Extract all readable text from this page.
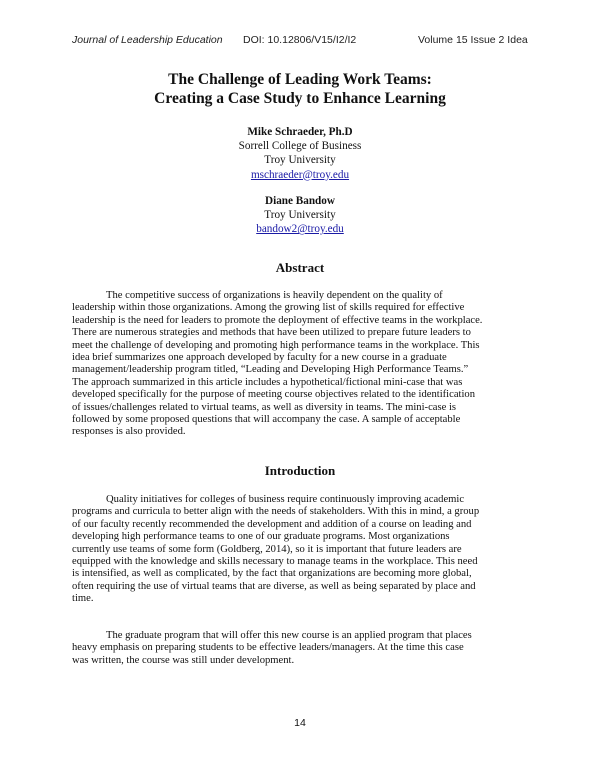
Journal of Leadership Education DOI: 10.12806/V15/I2/I2	Volume 15 Issue 2 Idea
The Challenge of Leading Work Teams:
Creating a Case Study to Enhance Learning
Mike Schraeder, Ph.D
Sorrell College of Business
Troy University
mschraeder@troy.edu
Diane Bandow
Troy University
bandow2@troy.edu
Abstract
The competitive success of organizations is heavily dependent on the quality of
leadership within those organizations. Among the growing list of skills required for effective
leadership is the need for leaders to promote the deployment of effective teams in the workplace.
There are numerous strategies and methods that have been utilized to prepare future leaders to
meet the challenge of developing and promoting high performance teams in the workplace. This
idea brief summarizes one approach developed by faculty for a new course in a graduate
management/leadership program titled, “Leading and Developing High Performance Teams.”
The approach summarized in this article includes a hypothetical/fictional mini-case that was
developed specifically for the purpose of meeting course objectives related to the identification
of issues/challenges related to virtual teams, as well as diversity in teams. The mini-case is
followed by some proposed questions that will accompany the case. A sample of acceptable
responses is also provided.
Introduction
Quality initiatives for colleges of business require continuously improving academic
programs and curricula to better align with the needs of stakeholders. With this in mind, a group
of our faculty recently recommended the development and addition of a course on leading and
developing high performance teams to one of our graduate programs. Most organizations
currently use teams of some form (Goldberg, 2014), so it is important that future leaders are
equipped with the knowledge and skills necessary to manage teams in the workplace. This need
is intensified, as well as complicated, by the fact that organizations are becoming more global,
often requiring the use of virtual teams that are diverse, as well as being separated by place and
time.
The graduate program that will offer this new course is an applied program that places
heavy emphasis on preparing students to be effective leaders/managers. At the time this case
was written, the course was still under development.
14
